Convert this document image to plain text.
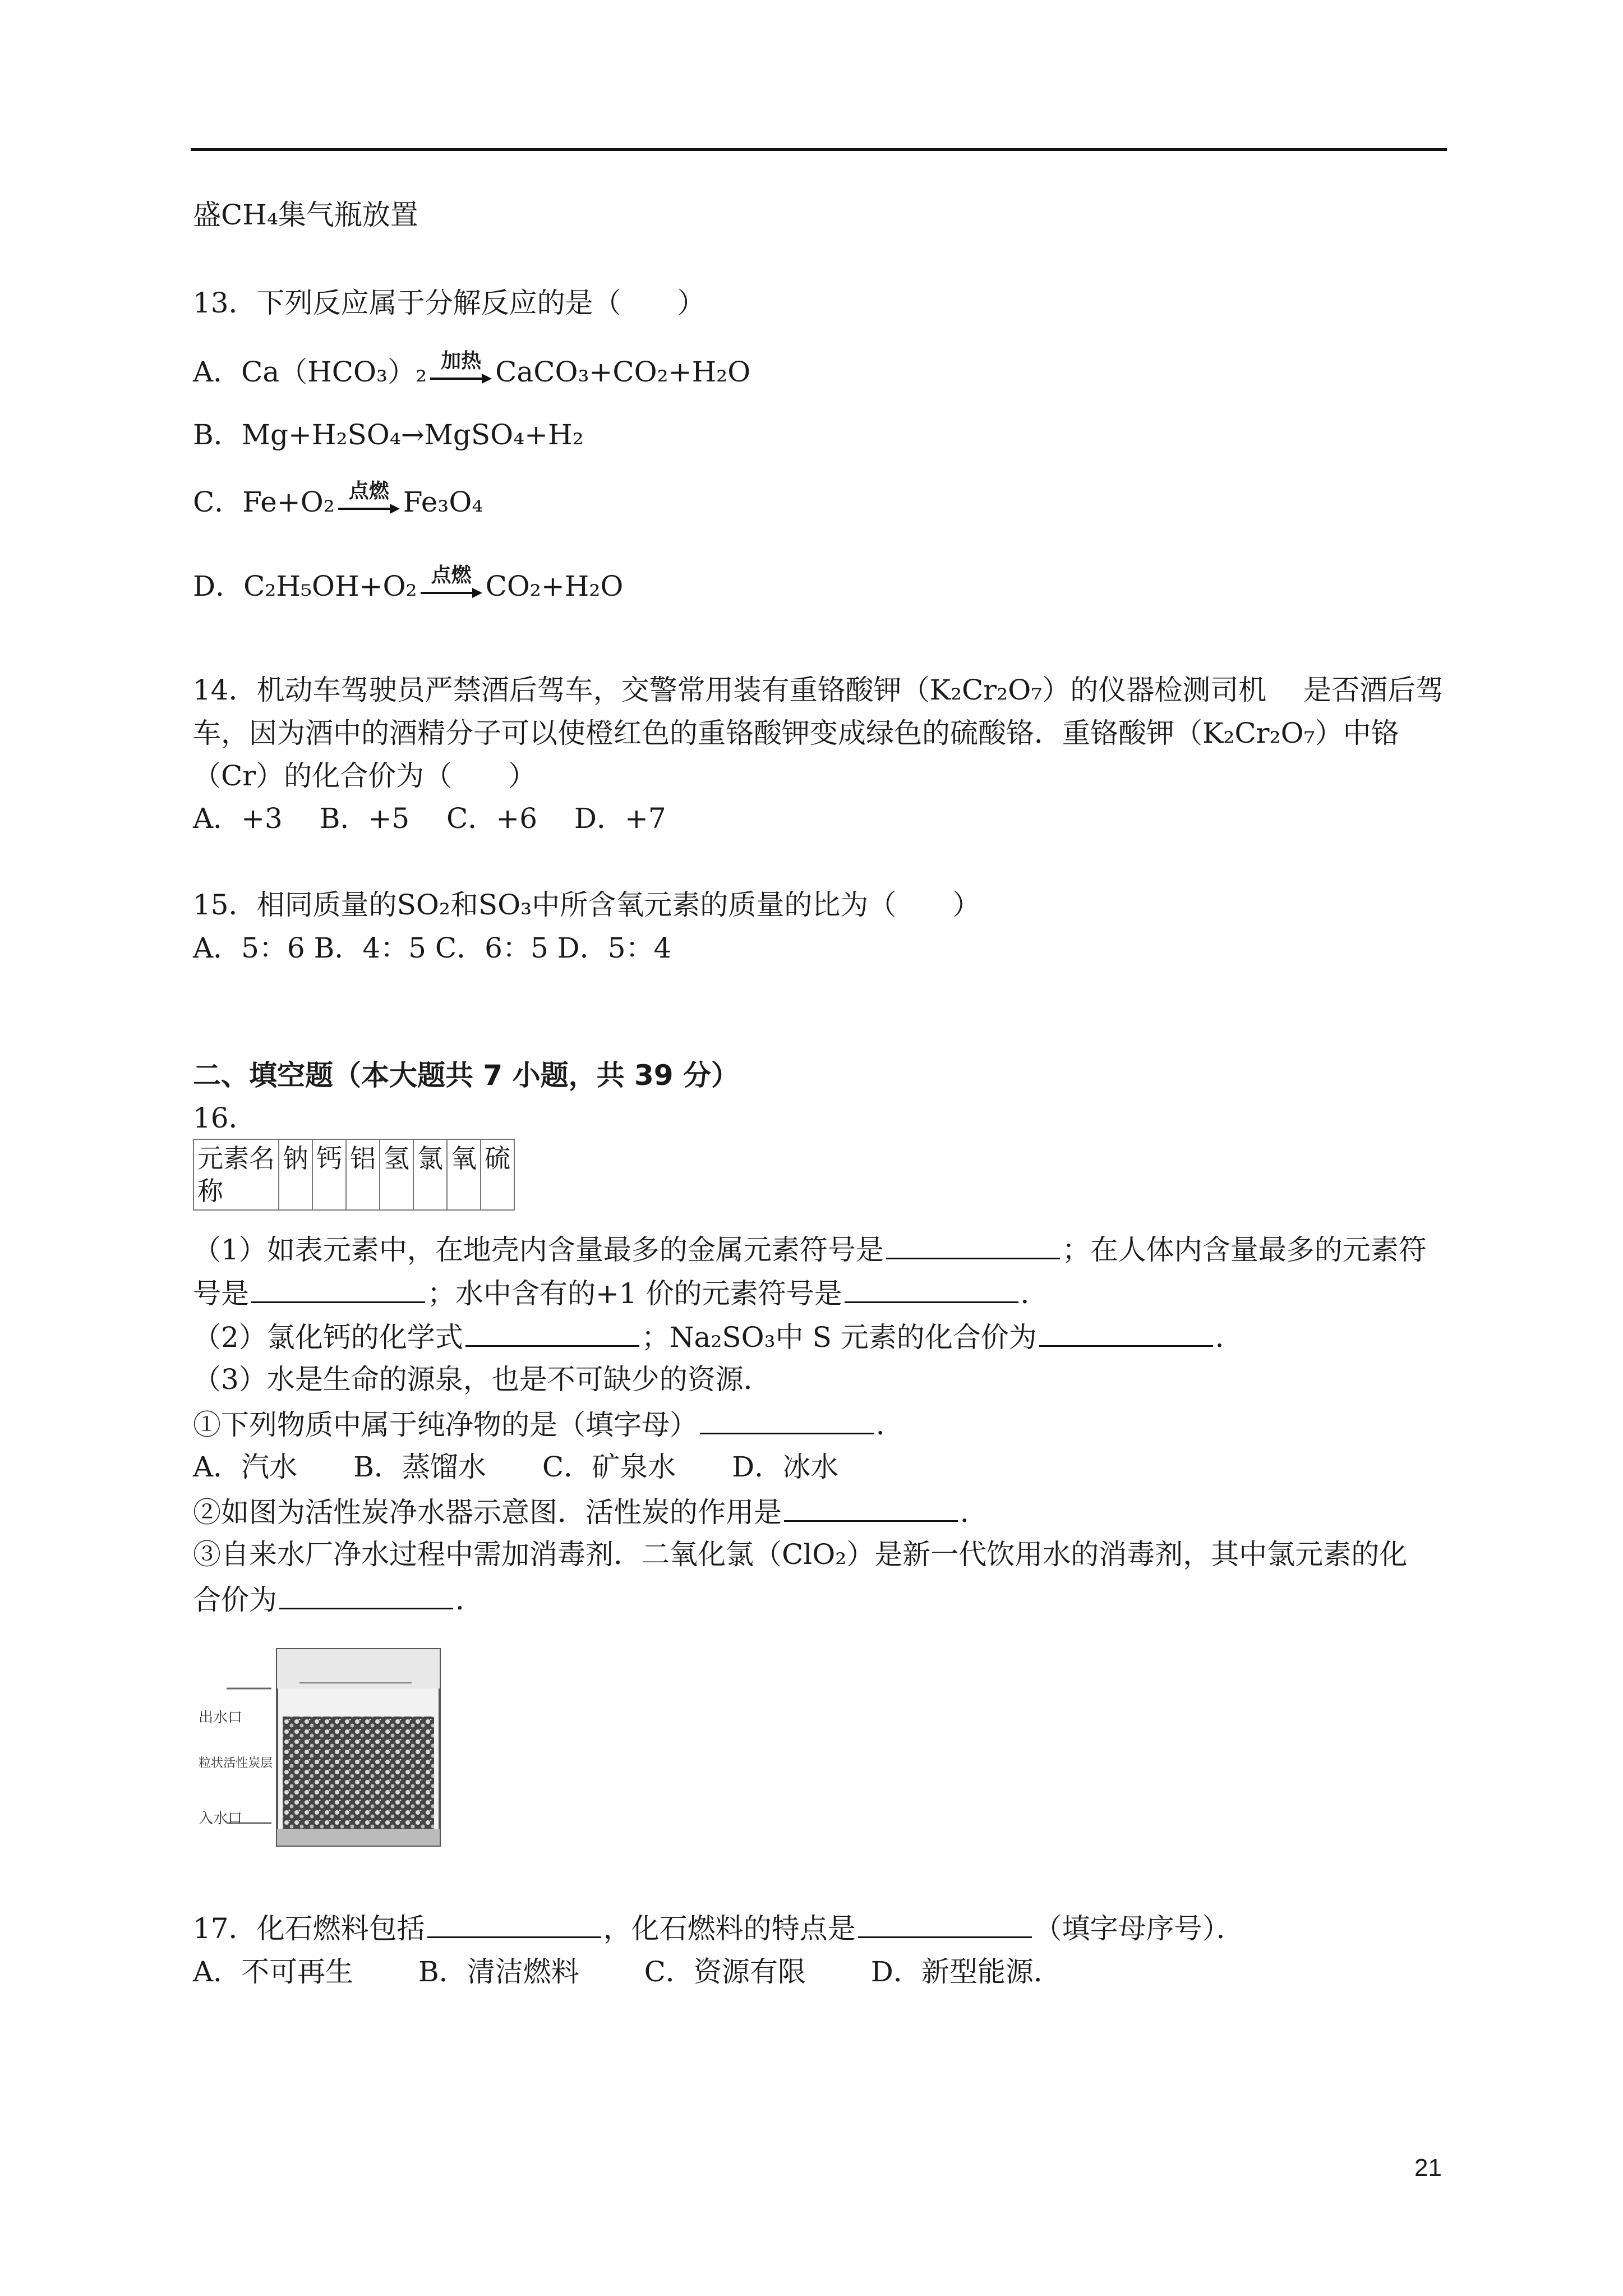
盛CH₄集气瓶放置
13．下列反应属于分解反应的是（　　）
A．Ca（HCO₃）₂ 加热 CaCO₃+CO₂+H₂O
B．Mg+H₂SO₄→MgSO₄+H₂
C．Fe+O₂ 点燃 Fe₃O₄
D．C₂H₅OH+O₂ 点燃 CO₂+H₂O
14．机动车驾驶员严禁酒后驾车，交警常用装有重铬酸钾（K₂Cr₂O₇）的仪器检测司机　 是否酒后驾
车，因为酒中的酒精分子可以使橙红色的重铬酸钾变成绿色的硫酸铬．重铬酸钾（K₂Cr₂O₇）中铬
（Cr）的化合价为（　　）
A．+3　 B．+5　 C．+6　 D．+7
15．相同质量的SO₂和SO₃中所含氧元素的质量的比为（　　）
A．5：6 B．4：5 C．6：5 D．5：4
二、填空题（本大题共 7 小题，共 39 分）
16．
元素名
称	钠	钙	铝	氢	氯	氧	硫
（1）如表元素中，在地壳内含量最多的金属元素符号是	；在人体内含量最多的元素符
号是	；水中含有的+1 价的元素符号是	．
（2）氯化钙的化学式	；Na₂SO₃中 S 元素的化合价为	．
（3）水是生命的源泉，也是不可缺少的资源．
①下列物质中属于纯净物的是（填字母）	．
A．汽水　　B．蒸馏水　　C．矿泉水　　D．冰水
②如图为活性炭净水器示意图．活性炭的作用是	．
③自来水厂净水过程中需加消毒剂．二氧化氯（ClO₂）是新一代饮用水的消毒剂，其中氯元素的化
合价为	．
出水口
粒状活性炭层
入水口
17．化石燃料包括	，化石燃料的特点是	（填字母序号）．
A．不可再生　　 B．清洁燃料　　 C．资源有限　　 D．新型能源．
21
